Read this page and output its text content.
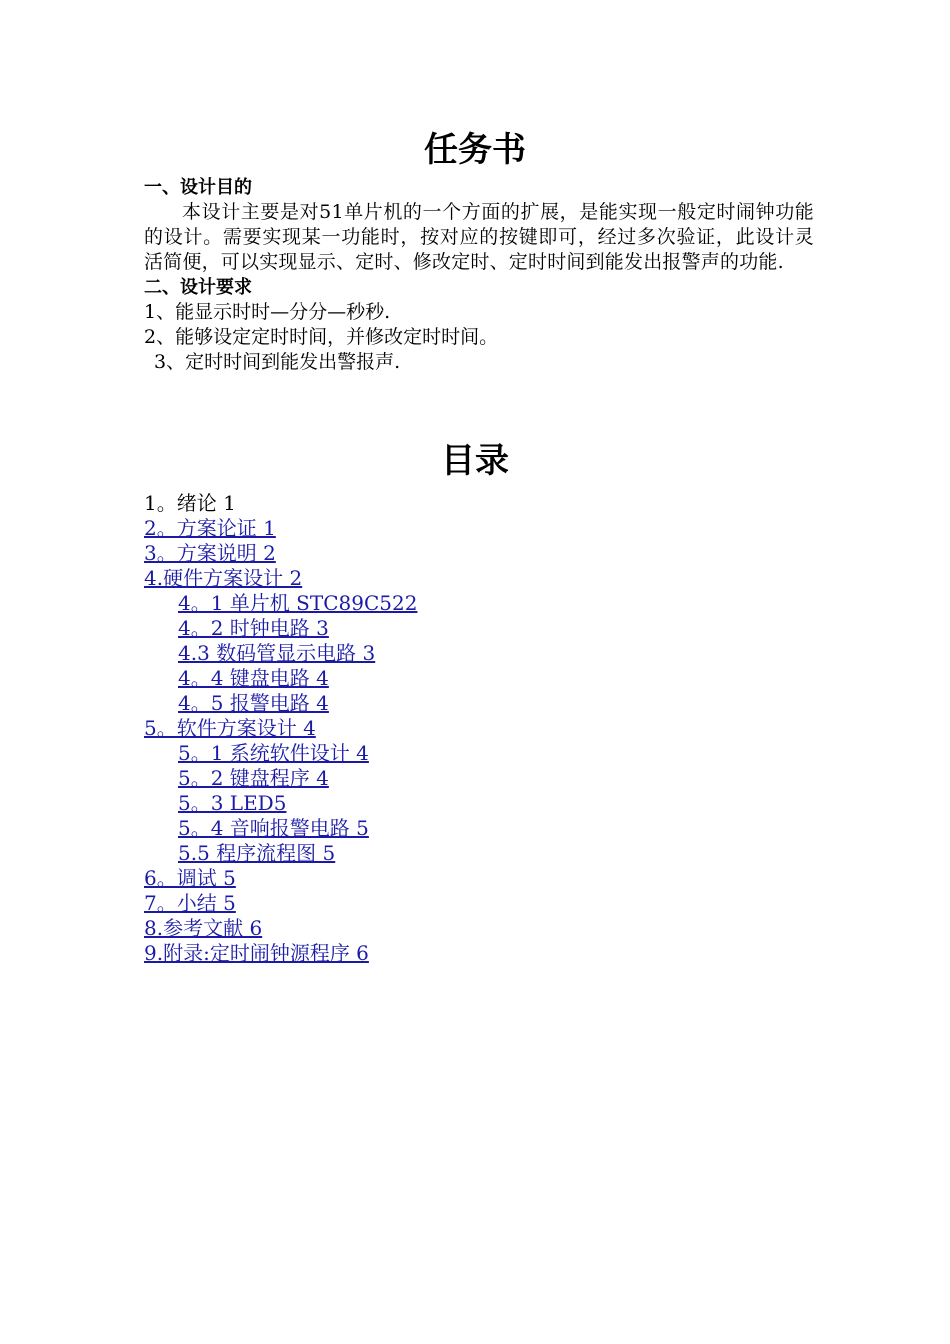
任务书

一、设计目的

本设计主要是对51单片机的一个方面的扩展，是能实现一般定时闹钟功能的设计。需要实现某一功能时，按对应的按键即可，经过多次验证，此设计灵活简便，可以实现显示、定时、修改定时、定时时间到能发出报警声的功能.

二、设计要求

1、能显示时时—分分—秒秒.

2、能够设定定时时间，并修改定时时间。

3、定时时间到能发出警报声.

目录
1。绪论 1
2。方案论证 1
3。方案说明 2
4.硬件方案设计 2
4。1 单片机 STC89C522
4。2 时钟电路 3
4.3 数码管显示电路 3
4。4 键盘电路 4
4。5 报警电路 4
5。软件方案设计 4
5。1 系统软件设计 4
5。2 键盘程序 4
5。3 LED5
5。4 音响报警电路 5
5.5 程序流程图 5
6。调试 5
7。小结 5
8.参考文献 6
9.附录:定时闹钟源程序 6
